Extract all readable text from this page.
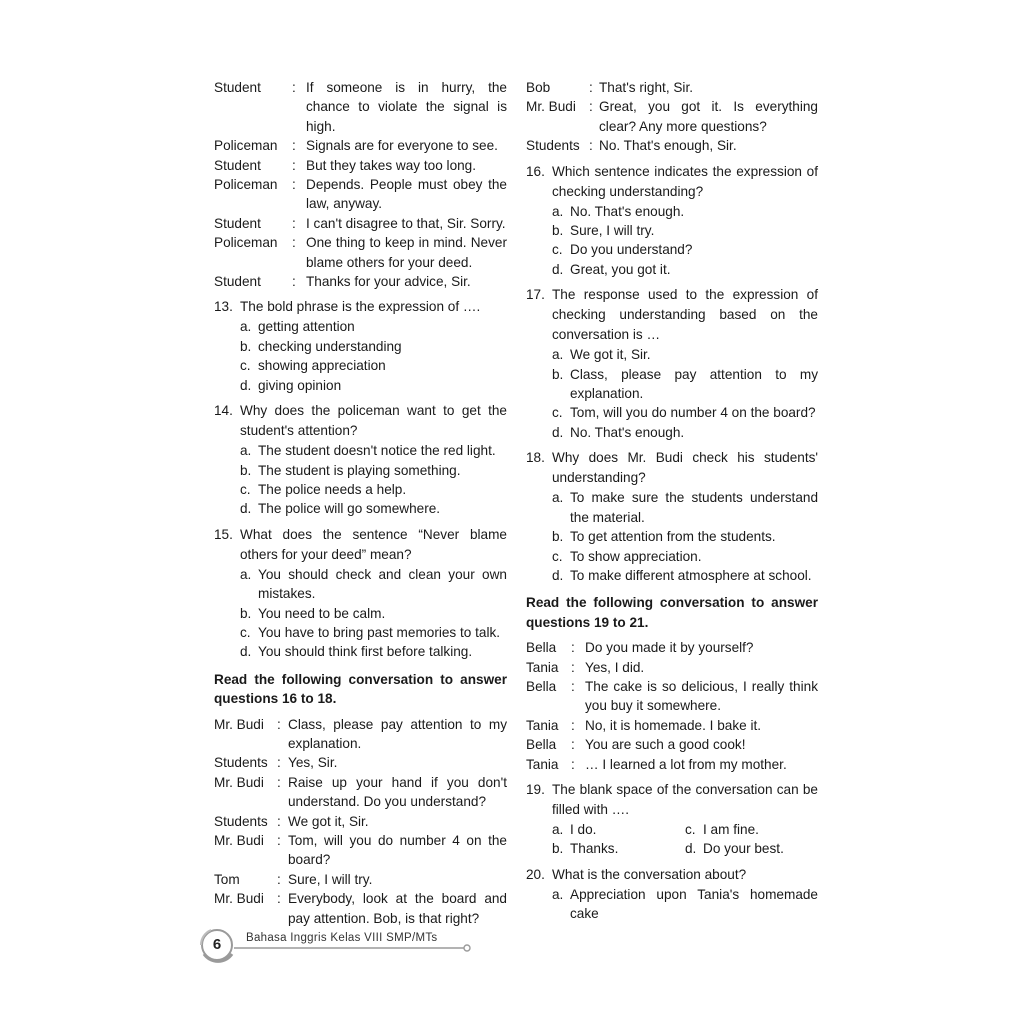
Student	: If someone is in hurry, the chance to violate the signal is high.
Policeman	: Signals are for everyone to see.
Student	: But they takes way too long.
Policeman	: Depends. People must obey the law, anyway.
Student	: I can't disagree to that, Sir. Sorry.
Policeman	: One thing to keep in mind. Never blame others for your deed.
Student	: Thanks for your advice, Sir.
13. The bold phrase is the expression of ….
a. getting attention
b. checking understanding
c. showing appreciation
d. giving opinion
14. Why does the policeman want to get the student's attention?
a. The student doesn't notice the red light.
b. The student is playing something.
c. The police needs a help.
d. The police will go somewhere.
15. What does the sentence “Never blame others for your deed” mean?
a. You should check and clean your own mistakes.
b. You need to be calm.
c. You have to bring past memories to talk.
d. You should think first before talking.
Read the following conversation to answer questions 16 to 18.
Mr. Budi : Class, please pay attention to my explanation.
Students : Yes, Sir.
Mr. Budi : Raise up your hand if you don't understand. Do you understand?
Students : We got it, Sir.
Mr. Budi : Tom, will you do number 4 on the board?
Tom	: Sure, I will try.
Mr. Budi : Everybody, look at the board and pay attention. Bob, is that right?
Bob	: That's right, Sir.
Mr. Budi : Great, you got it. Is everything clear? Any more questions?
Students : No. That's enough, Sir.
16. Which sentence indicates the expression of checking understanding?
a. No. That's enough.
b. Sure, I will try.
c. Do you understand?
d. Great, you got it.
17. The response used to the expression of checking understanding based on the conversation is …
a. We got it, Sir.
b. Class, please pay attention to my explanation.
c. Tom, will you do number 4 on the board?
d. No. That's enough.
18. Why does Mr. Budi check his students' understanding?
a. To make sure the students understand the material.
b. To get attention from the students.
c. To show appreciation.
d. To make different atmosphere at school.
Read the following conversation to answer questions 19 to 21.
Bella	: Do you made it by yourself?
Tania : Yes, I did.
Bella	: The cake is so delicious, I really think you buy it somewhere.
Tania : No, it is homemade. I bake it.
Bella	: You are such a good cook!
Tania : … I learned a lot from my mother.
19. The blank space of the conversation can be filled with ….
a. I do.	c. I am fine.
b. Thanks.	d. Do your best.
20. What is the conversation about?
a. Appreciation upon Tania's homemade cake
6	Bahasa Inggris Kelas VIII SMP/MTs
